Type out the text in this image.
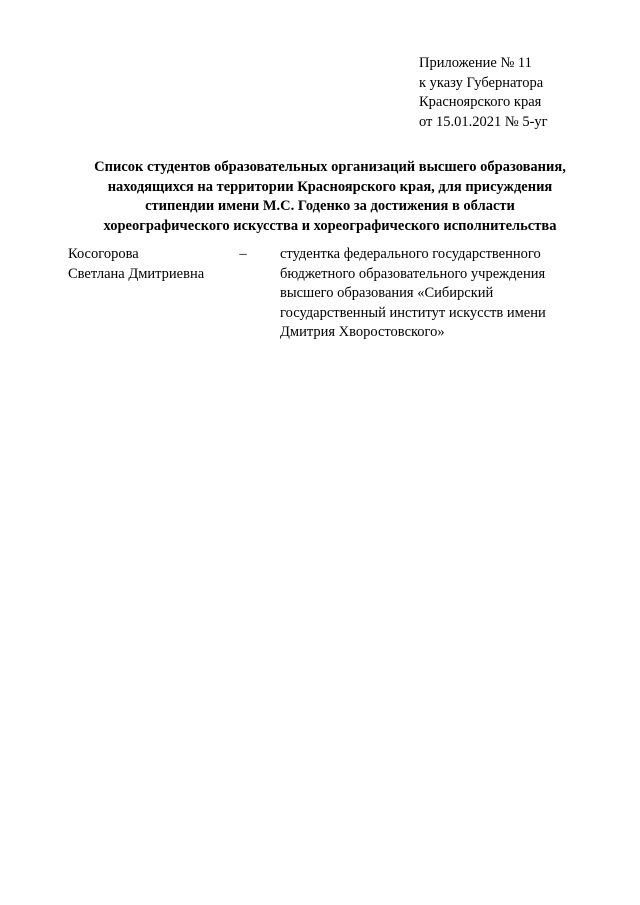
Приложение № 11
к указу Губернатора
Красноярского края
от 15.01.2021 № 5-уг
Список студентов образовательных организаций высшего образования,
находящихся на территории Красноярского края, для присуждения
стипендии имени М.С. Годенко за достижения в области
хореографического искусства и хореографического исполнительства
Косогорова
Светлана Дмитриевна
–	студентка федерального государственного
бюджетного образовательного учреждения
высшего образования «Сибирский
государственный институт искусств имени
Дмитрия Хворостовского»
